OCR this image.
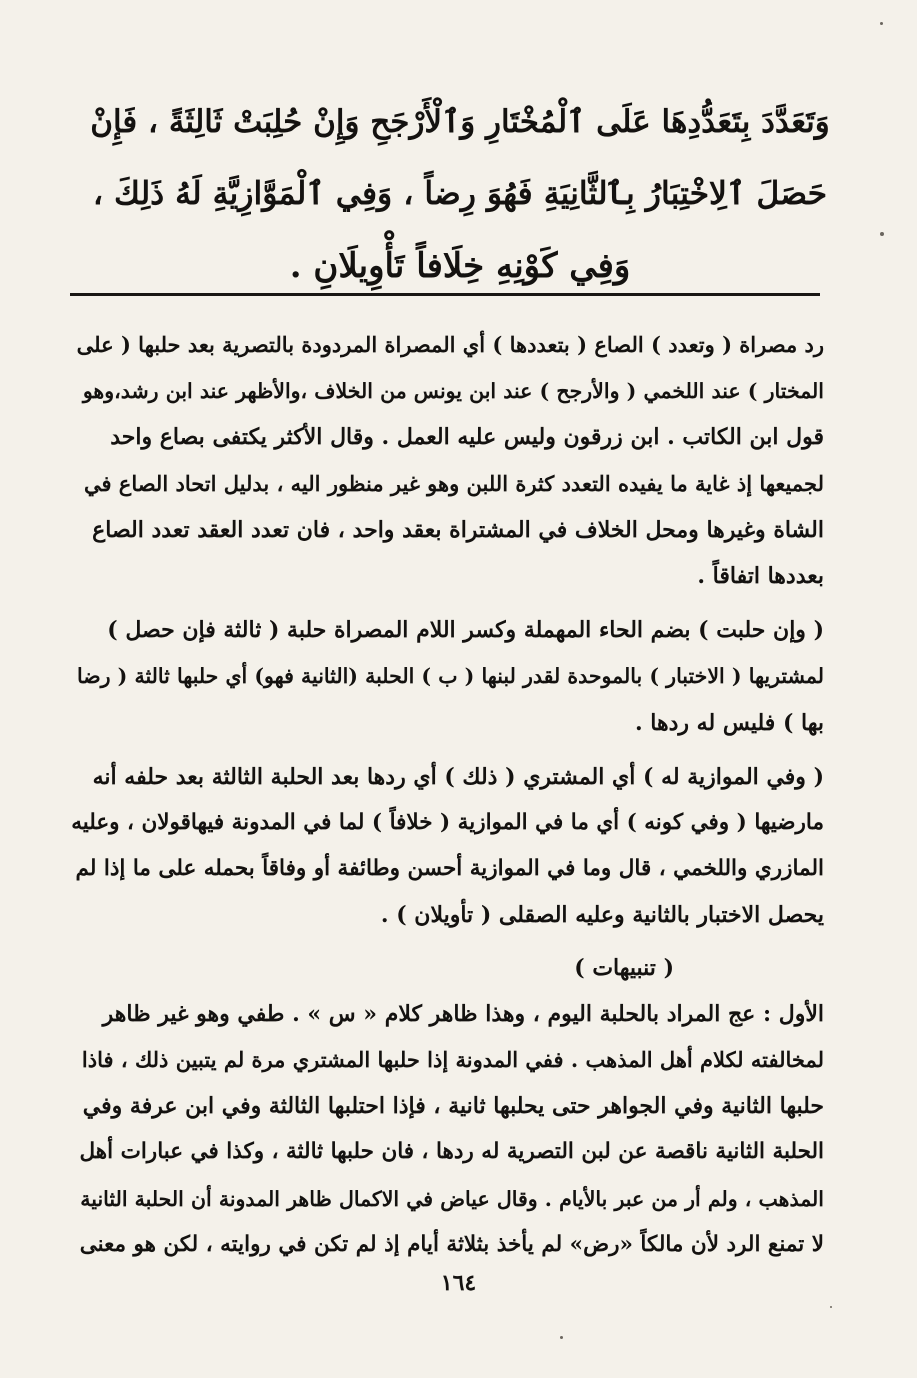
وَتَعَدَّدَ بِتَعَدُّدِهَا عَلَى ٱلْمُخْتَارِ وَٱلْأَرْجَحِ وَإِنْ حُلِبَتْ ثَالِثَةً ، فَإِنْ
حَصَلَ ٱلِاخْتِبَارُ بِٱلثَّانِيَةِ فَهُوَ رِضاً ، وَفِي ٱلْمَوَّازِيَّةِ لَهُ ذَلِكَ ،
وَفِي كَوْنِهِ خِلَافاً تَأْوِيلَانِ .
رد مصراة ( وتعدد ) الصاع ( بتعددها ) أي المصراة المردودة بالتصرية بعد حلبها ( على
المختار ) عند اللخمي ( والأرجح ) عند ابن يونس من الخلاف ،والأظهر عند ابن رشد،وهو
قول ابن الكاتب . ابن زرقون وليس عليه العمل . وقال الأكثر يكتفى بصاع واحد
لجميعها إذ غاية ما يفيده التعدد كثرة اللبن وهو غير منظور اليه ، بدليل اتحاد الصاع في
الشاة وغيرها ومحل الخلاف في المشتراة بعقد واحد ، فان تعدد العقد تعدد الصاع
بعددها اتفاقاً .
( وإن حلبت ) بضم الحاء المهملة وكسر اللام المصراة حلبة ( ثالثة فإن حصل )
لمشتريها ( الاختبار ) بالموحدة لقدر لبنها ( ب ) الحلبة (الثانية فهو) أي حلبها ثالثة ( رضا
بها ) فليس له ردها .
( وفي الموازية له ) أي المشتري ( ذلك ) أي ردها بعد الحلبة الثالثة بعد حلفه أنه
مارضيها ( وفي كونه ) أي ما في الموازية ( خلافاً ) لما في المدونة فيهاقولان ، وعليه
المازري واللخمي ، قال وما في الموازية أحسن وطائفة أو وفاقاً بحمله على ما إذا لم
يحصل الاختبار بالثانية وعليه الصقلى ( تأويلان ) .
( تنبيهات )
الأول : عج المراد بالحلبة اليوم ، وهذا ظاهر كلام « س » . طفي وهو غير ظاهر
لمخالفته لكلام أهل المذهب . ففي المدونة إذا حلبها المشتري مرة لم يتبين ذلك ، فاذا
حلبها الثانية وفي الجواهر حتى يحلبها ثانية ، فإذا احتلبها الثالثة وفي ابن عرفة وفي
الحلبة الثانية ناقصة عن لبن التصرية له ردها ، فان حلبها ثالثة ، وكذا في عبارات أهل
المذهب ، ولم أر من عبر بالأيام . وقال عياض في الاكمال ظاهر المدونة أن الحلبة الثانية
لا تمنع الرد لأن مالكاً «رض» لم يأخذ بثلاثة أيام إذ لم تكن في روايته ، لكن هو معنى
١٦٤
